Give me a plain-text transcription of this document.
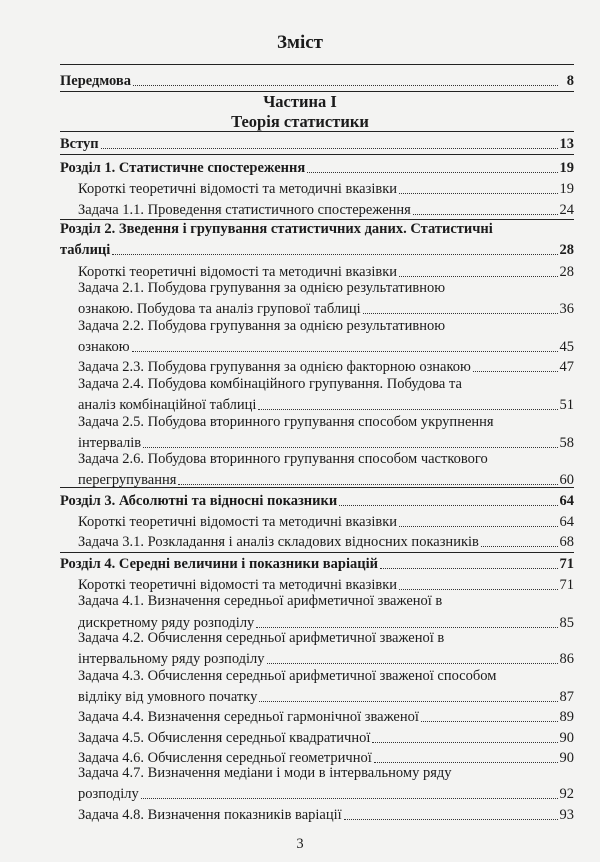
Зміст
Передмова	8
Частина І
Теорія статистики
Вступ	13
Розділ 1. Статистичне спостереження	19
Короткі теоретичні відомості та методичні вказівки	19
Задача 1.1. Проведення статистичного спостереження	24
Розділ 2. Зведення і групування статистичних даних. Статистичні
таблиці	28
Короткі теоретичні відомості та методичні вказівки	28
Задача 2.1. Побудова групування за однією результативною
ознакою. Побудова та аналіз групової таблиці	36
Задача 2.2. Побудова групування за однією результативною
ознакою	45
Задача 2.3. Побудова групування за однією факторною ознакою	47
Задача 2.4. Побудова комбінаційного групування. Побудова та
аналіз комбінаційної таблиці	51
Задача 2.5. Побудова вторинного групування способом укрупнення
інтервалів	58
Задача 2.6. Побудова вторинного групування способом часткового
перегрупування	60
Розділ 3. Абсолютні та відносні показники	64
Короткі теоретичні відомості та методичні вказівки	64
Задача 3.1. Розкладання і аналіз складових відносних показників	68
Розділ 4. Середні величини і показники варіацій	71
Короткі теоретичні відомості та методичні вказівки	71
Задача 4.1. Визначення середньої арифметичної зваженої в
дискретному ряду розподілу	85
Задача 4.2. Обчислення середньої арифметичної зваженої в
інтервальному ряду розподілу	86
Задача 4.3. Обчислення середньої арифметичної зваженої способом
відліку від умовного початку	87
Задача 4.4. Визначення середньої гармонічної зваженої	89
Задача 4.5. Обчислення середньої квадратичної	90
Задача 4.6. Обчислення середньої геометричної	90
Задача 4.7. Визначення медіани і моди в інтервальному ряду
розподілу	92
Задача 4.8. Визначення показників варіації	93
3
